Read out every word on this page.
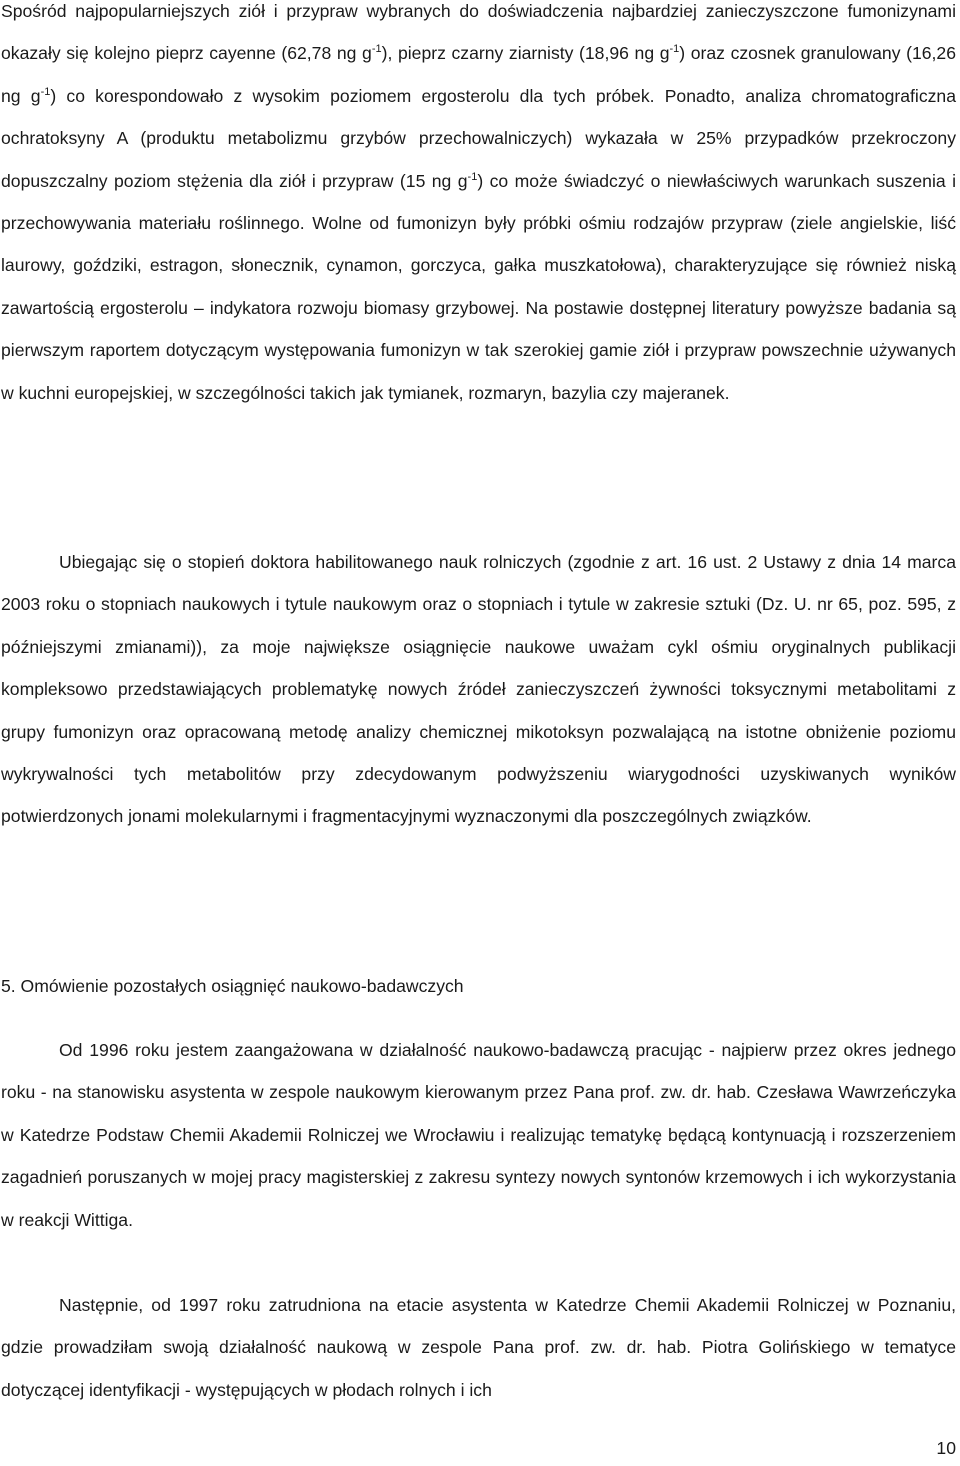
Spośród najpopularniejszych ziół i przypraw wybranych do doświadczenia najbardziej zanieczyszczone fumonizynami okazały się kolejno pieprz cayenne (62,78 ng $g^{-1}$), pieprz czarny ziarnisty (18,96 ng $g^{-1}$) oraz czosnek granulowany (16,26 ng $g^{-1}$) co korespondowało z wysokim poziomem ergosterolu dla tych próbek. Ponadto, analiza chromatograficzna ochratoksyny A (produktu metabolizmu grzybów przechowalniczych) wykazała w 25% przypadków przekroczony dopuszczalny poziom stężenia dla ziół i przypraw (15 ng $g^{-1}$) co może świadczyć o niewłaściwych warunkach suszenia i przechowywania materiału roślinnego. Wolne od fumonizyn były próbki ośmiu rodzajów przypraw (ziele angielskie, liść laurowy, goździki, estragon, słonecznik, cynamon, gorczyca, gałka muszkatołowa), charakteryzujące się również niską zawartością ergosterolu – indykatora rozwoju biomasy grzybowej. Na postawie dostępnej literatury powyższe badania są pierwszym raportem dotyczącym występowania fumonizyn w tak szerokiej gamie ziół i przypraw powszechnie używanych w kuchni europejskiej, w szczególności takich jak tymianek, rozmaryn, bazylia czy majeranek.

Ubiegając się o stopień doktora habilitowanego nauk rolniczych (zgodnie z art. 16 ust. 2 Ustawy z dnia 14 marca 2003 roku o stopniach naukowych i tytule naukowym oraz o stopniach i tytule w zakresie sztuki (Dz. U. nr 65, poz. 595, z późniejszymi zmianami)), za moje największe osiągnięcie naukowe uważam cykl ośmiu oryginalnych publikacji kompleksowo przedstawiających problematykę nowych źródeł zanieczyszczeń żywności toksycznymi metabolitami z grupy fumonizyn oraz opracowaną metodę analizy chemicznej mikotoksyn pozwalającą na istotne obniżenie poziomu wykrywalności tych metabolitów przy zdecydowanym podwyższeniu wiarygodności uzyskiwanych wyników potwierdzonych jonami molekularnymi i fragmentacyjnymi wyznaczonymi dla poszczególnych związków.

5. Omówienie pozostałych osiągnięć naukowo-badawczych

Od 1996 roku jestem zaangażowana w działalność naukowo-badawczą pracując - najpierw przez okres jednego roku - na stanowisku asystenta w zespole naukowym kierowanym przez Pana prof. zw. dr. hab. Czesława Wawrzeńczyka w Katedrze Podstaw Chemii Akademii Rolniczej we Wrocławiu i realizując tematykę będącą kontynuacją i rozszerzeniem zagadnień poruszanych w mojej pracy magisterskiej z zakresu syntezy nowych syntonów krzemowych i ich wykorzystania w reakcji Wittiga.

Następnie, od 1997 roku zatrudniona na etacie asystenta w Katedrze Chemii Akademii Rolniczej w Poznaniu, gdzie prowadziłam swoją działalność naukową w zespole Pana prof. zw. dr. hab. Piotra Golińskiego w tematyce dotyczącej identyfikacji - występujących w płodach rolnych i ich

10
